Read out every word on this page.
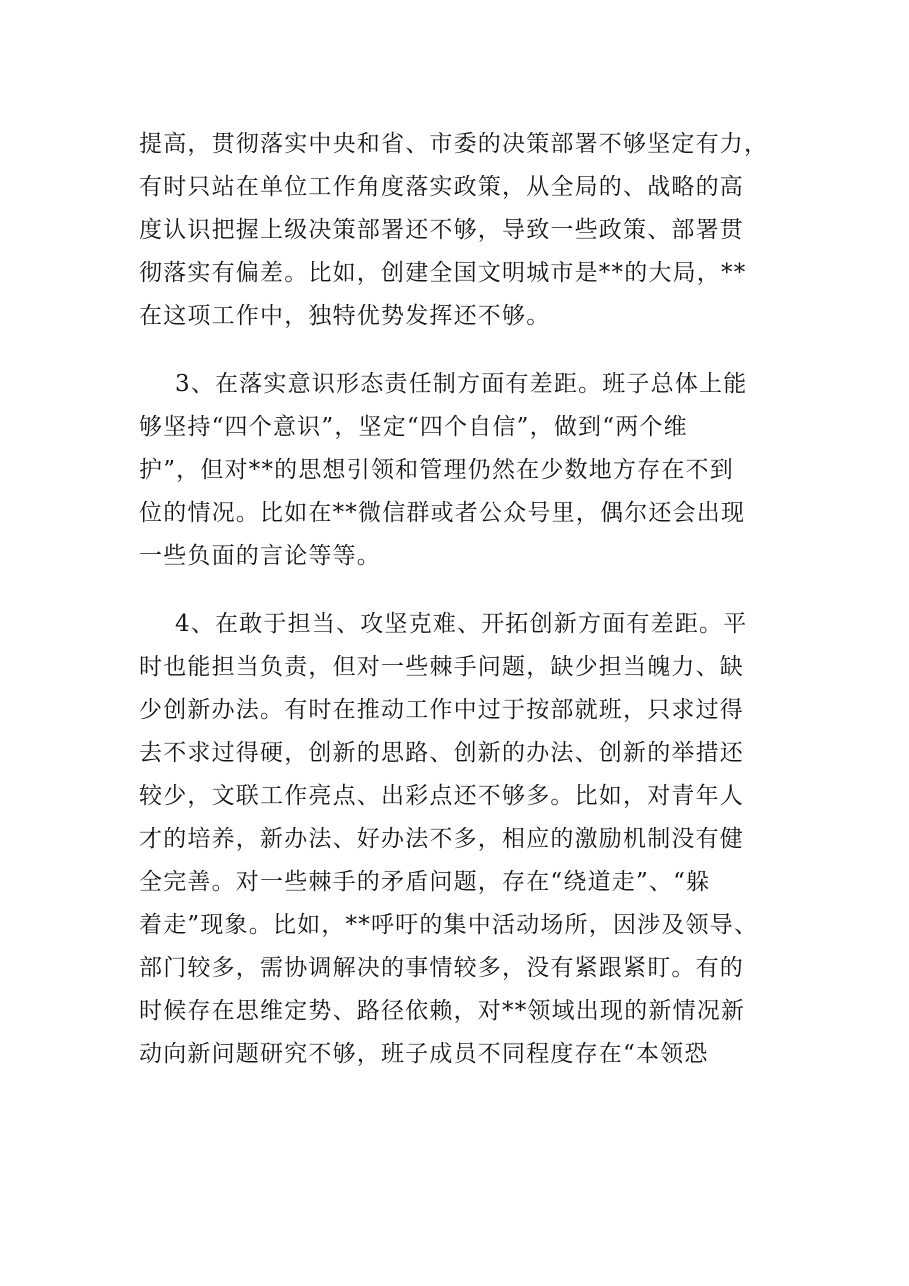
提高，贯彻落实中央和省、市委的决策部署不够坚定有力，
有时只站在单位工作角度落实政策，从全局的、战略的高
度认识把握上级决策部署还不够，导致一些政策、部署贯
彻落实有偏差。比如，创建全国文明城市是**的大局，**
在这项工作中，独特优势发挥还不够。
3、在落实意识形态责任制方面有差距。班子总体上能
够坚持“四个意识”，坚定“四个自信”，做到“两个维
护”，但对**的思想引领和管理仍然在少数地方存在不到
位的情况。比如在**微信群或者公众号里，偶尔还会出现
一些负面的言论等等。
4、在敢于担当、攻坚克难、开拓创新方面有差距。平
时也能担当负责，但对一些棘手问题，缺少担当魄力、缺
少创新办法。有时在推动工作中过于按部就班，只求过得
去不求过得硬，创新的思路、创新的办法、创新的举措还
较少，文联工作亮点、出彩点还不够多。比如，对青年人
才的培养，新办法、好办法不多，相应的激励机制没有健
全完善。对一些棘手的矛盾问题，存在“绕道走”、“躲
着走”现象。比如，**呼吁的集中活动场所，因涉及领导、
部门较多，需协调解决的事情较多，没有紧跟紧盯。有的
时候存在思维定势、路径依赖，对**领域出现的新情况新
动向新问题研究不够，班子成员不同程度存在“本领恐
